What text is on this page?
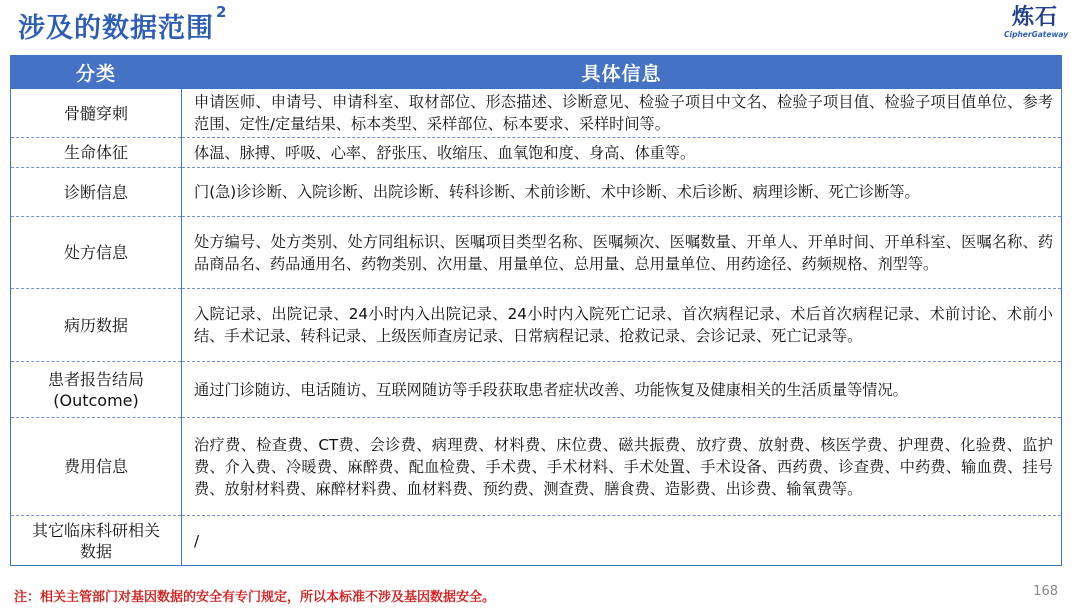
涉及的数据范围$^2$	炼石
CipherGateway
分类	具体信息
骨髓穿刺	申请医师、申请号、申请科室、取材部位、形态描述、诊断意见、检验子项目中文名、检验子项目值、检验子项目值单位、参考范围、定性/定量结果、标本类型、采样部位、标本要求、采样时间等。
生命体征	体温、脉搏、呼吸、心率、舒张压、收缩压、血氧饱和度、身高、体重等。
诊断信息	门(急)诊诊断、入院诊断、出院诊断、转科诊断、术前诊断、术中诊断、术后诊断、病理诊断、死亡诊断等。
处方信息	处方编号、处方类别、处方同组标识、医嘱项目类型名称、医嘱频次、医嘱数量、开单人、开单时间、开单科室、医嘱名称、药品商品名、药品通用名、药物类别、次用量、用量单位、总用量、总用量单位、用药途径、药频规格、剂型等。
病历数据	入院记录、出院记录、24小时内入出院记录、24小时内入院死亡记录、首次病程记录、术后首次病程记录、术前讨论、术前小结、手术记录、转科记录、上级医师查房记录、日常病程记录、抢救记录、会诊记录、死亡记录等。

患者报告结局
(Outcome)	通过门诊随访、电话随访、互联网随访等手段获取患者症状改善、功能恢复及健康相关的生活质量等情况。
费用信息	治疗费、检查费、CT费、会诊费、病理费、材料费、床位费、磁共振费、放疗费、放射费、核医学费、护理费、化验费、监护费、介入费、冷暖费、麻醉费、配血检费、手术费、手术材料、手术处置、手术设备、西药费、诊查费、中药费、输血费、挂号费、放射材料费、麻醉材料费、血材料费、预约费、测查费、膳食费、造影费、出诊费、输氧费等。

其它临床科研相关
数据	/
注：相关主管部门对基因数据的安全有专门规定，所以本标准不涉及基因数据安全。	168
